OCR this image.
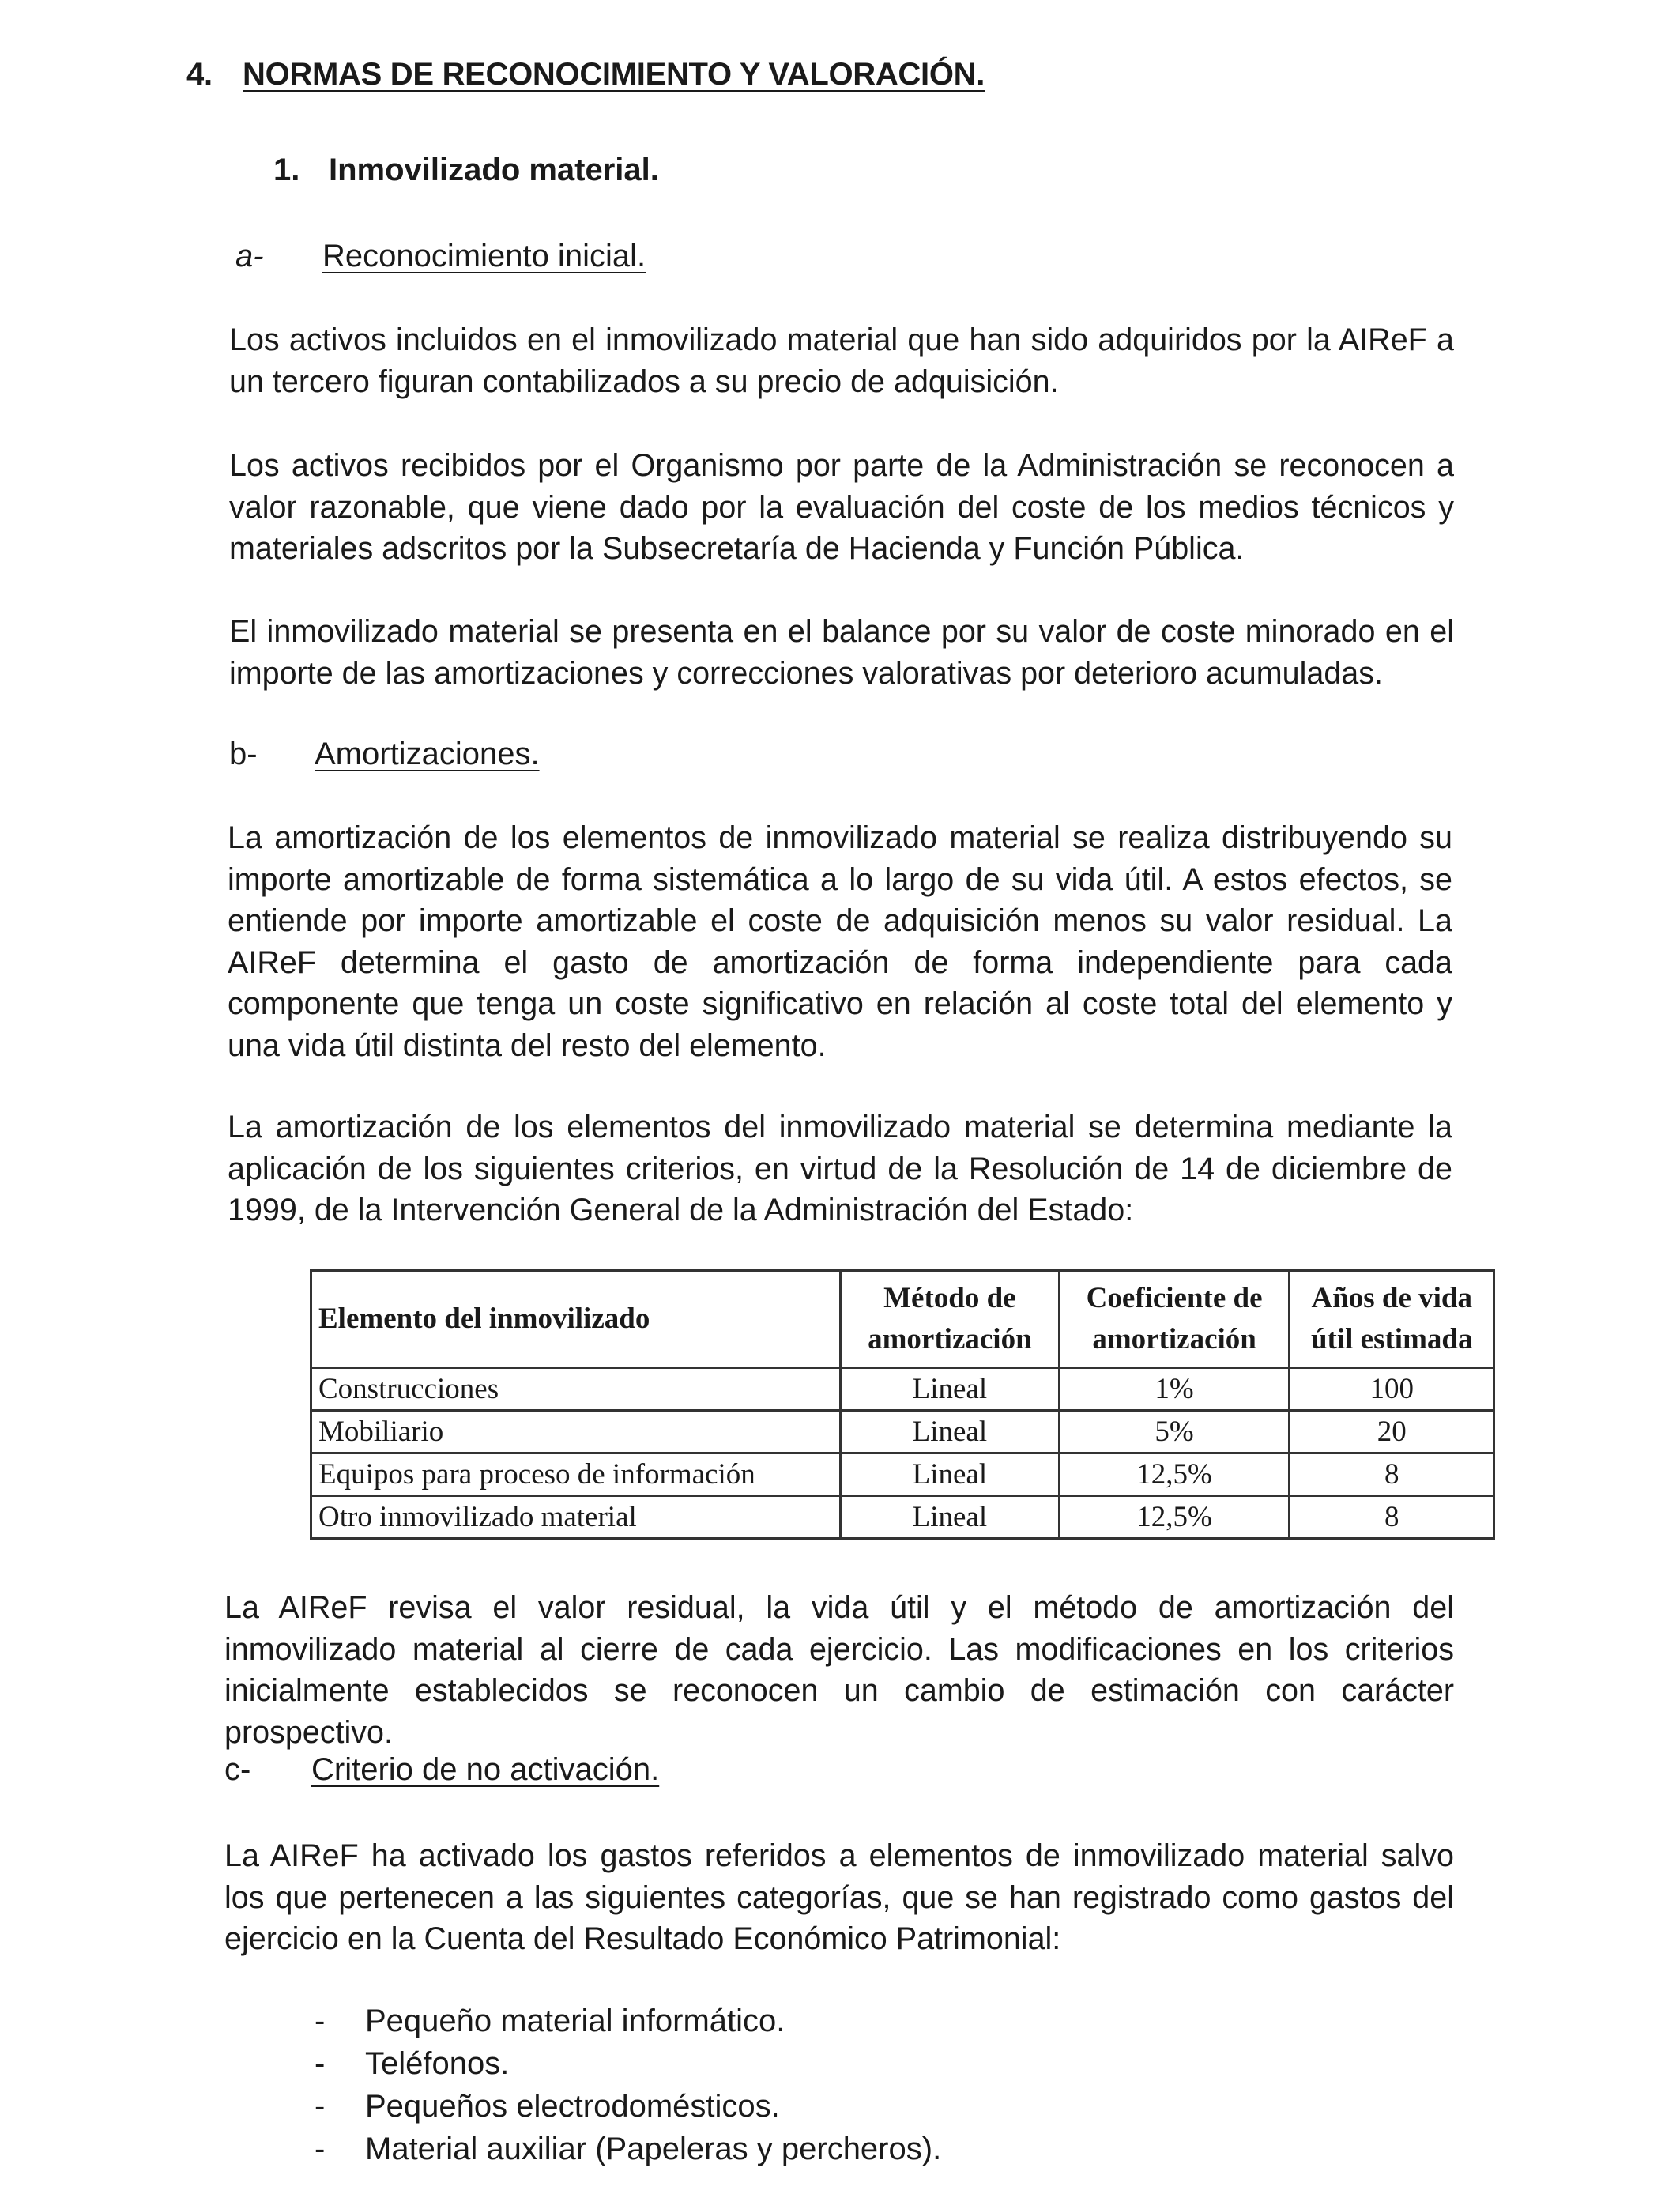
4. NORMAS DE RECONOCIMIENTO Y VALORACIÓN.
1. Inmovilizado material.
a- Reconocimiento inicial.
Los activos incluidos en el inmovilizado material que han sido adquiridos por la AIReF a un tercero figuran contabilizados a su precio de adquisición.
Los activos recibidos por el Organismo por parte de la Administración se reconocen a valor razonable, que viene dado por la evaluación del coste de los medios técnicos y materiales adscritos por la Subsecretaría de Hacienda y Función Pública.
El inmovilizado material se presenta en el balance por su valor de coste minorado en el importe de las amortizaciones y correcciones valorativas por deterioro acumuladas.
b- Amortizaciones.
La amortización de los elementos de inmovilizado material se realiza distribuyendo su importe amortizable de forma sistemática a lo largo de su vida útil. A estos efectos, se entiende por importe amortizable el coste de adquisición menos su valor residual. La AIReF determina el gasto de amortización de forma independiente para cada componente que tenga un coste significativo en relación al coste total del elemento y una vida útil distinta del resto del elemento.
La amortización de los elementos del inmovilizado material se determina mediante la aplicación de los siguientes criterios, en virtud de la Resolución de 14 de diciembre de 1999, de la Intervención General de la Administración del Estado:
Elemento del inmovilizado	Método de amortización	Coeficiente de amortización	Años de vida útil estimada
Construcciones	Lineal	1%	100
Mobiliario	Lineal	5%	20
Equipos para proceso de información	Lineal	12,5%	8
Otro inmovilizado material	Lineal	12,5%	8
La AIReF revisa el valor residual, la vida útil y el método de amortización del inmovilizado material al cierre de cada ejercicio. Las modificaciones en los criterios inicialmente establecidos se reconocen un cambio de estimación con carácter prospectivo.
c- Criterio de no activación.
La AIReF ha activado los gastos referidos a elementos de inmovilizado material salvo los que pertenecen a las siguientes categorías, que se han registrado como gastos del ejercicio en la Cuenta del Resultado Económico Patrimonial:
- Pequeño material informático.
- Teléfonos.
- Pequeños electrodomésticos.
- Material auxiliar (Papeleras y percheros).
